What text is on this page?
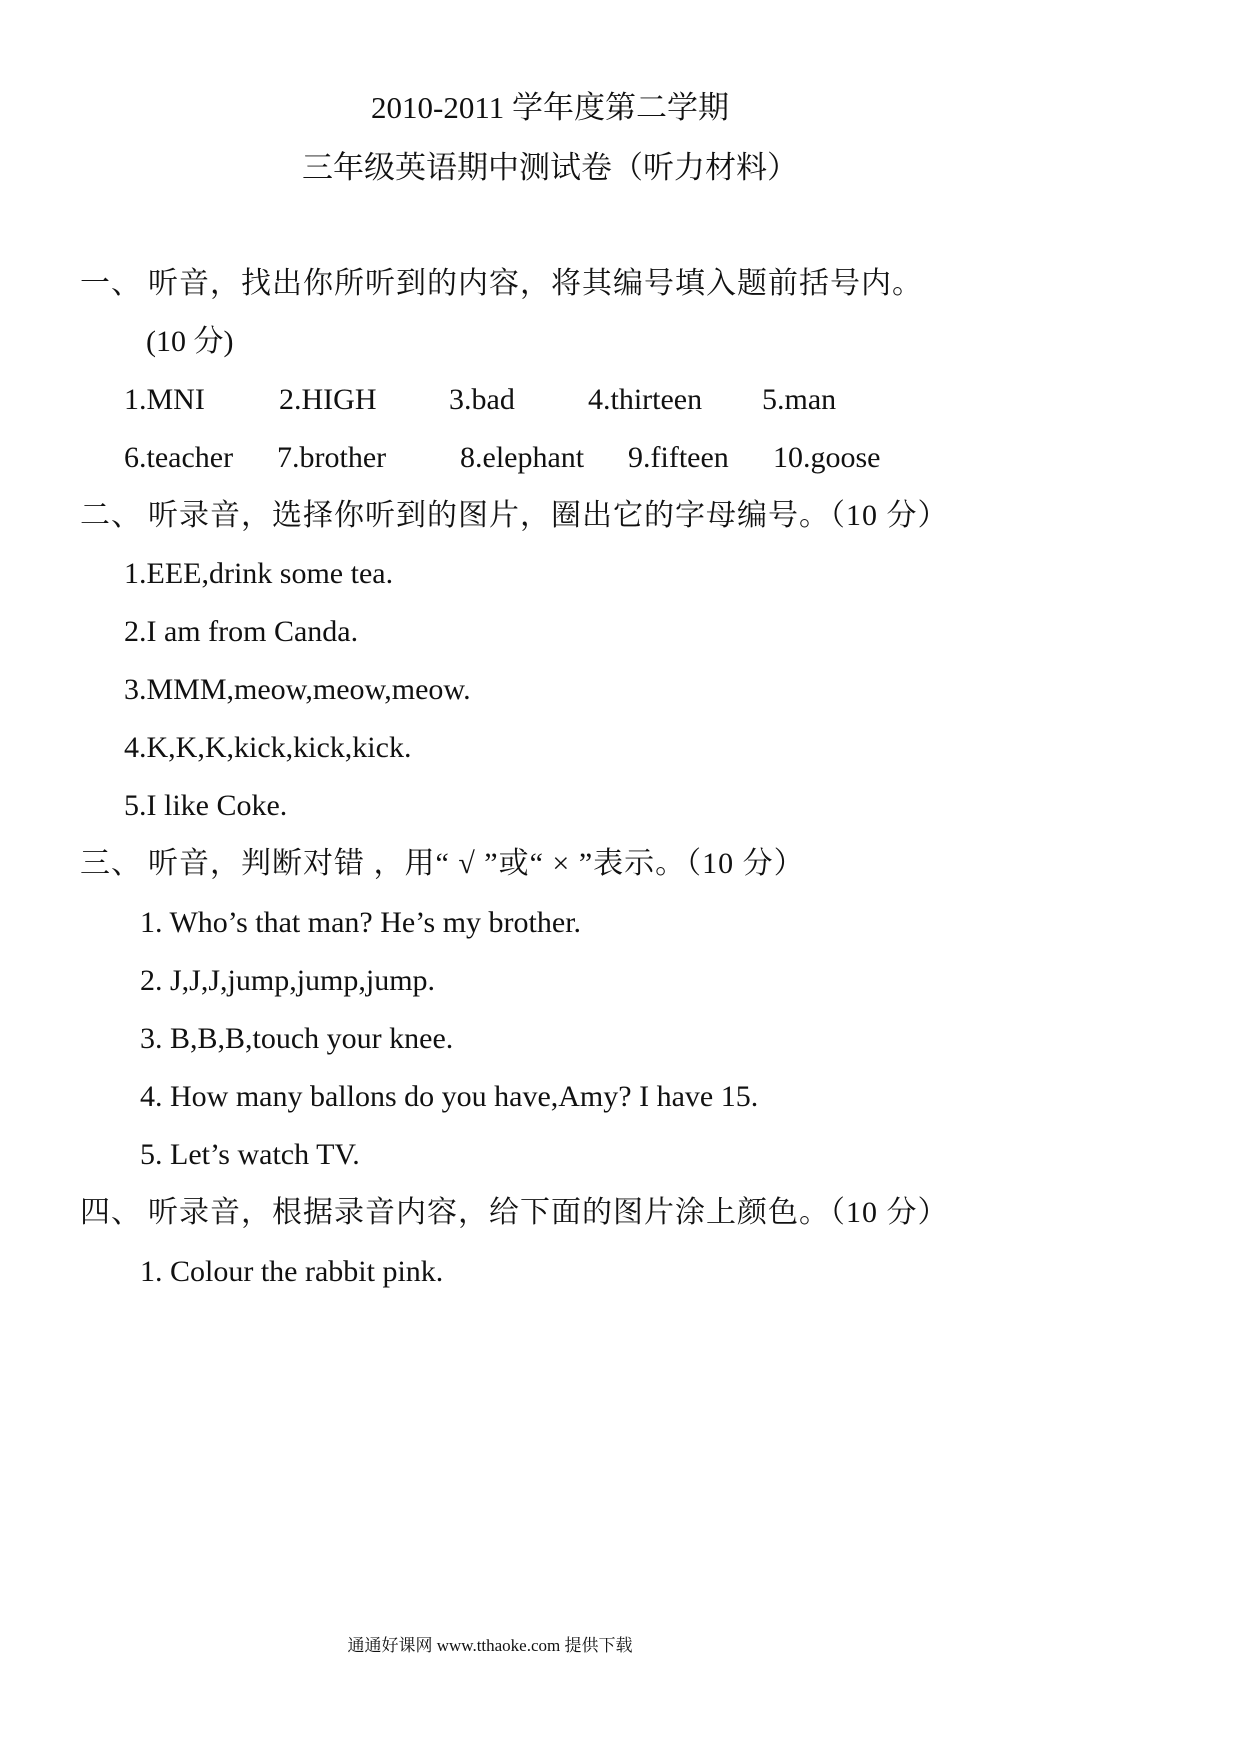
2010-2011 学年度第二学期
三年级英语期中测试卷（听力材料）
一、 听音，找出你所听到的内容，将其编号填入题前括号内。
(10 分)
1.MNI 2.HIGH 3.bad 4.thirteen 5.man
6.teacher 7.brother 8.elephant 9.fifteen 10.goose
二、 听录音，选择你听到的图片，圈出它的字母编号。（10 分）
1.EEE,drink some tea.
2.I am from Canda.
3.MMM,meow,meow,meow.
4.K,K,K,kick,kick,kick.
5.I like Coke.
三、 听音，判断对错 ，用“ √ ”或“ × ”表示。（10 分）
1. Who’s that man? He’s my brother.
2. J,J,J,jump,jump,jump.
3. B,B,B,touch your knee.
4. How many ballons do you have,Amy? I have 15.
5. Let’s watch TV.
四、 听录音，根据录音内容，给下面的图片涂上颜色。（10 分）
1. Colour the rabbit pink.
通通好课网 www.tthaoke.com 提供下载
